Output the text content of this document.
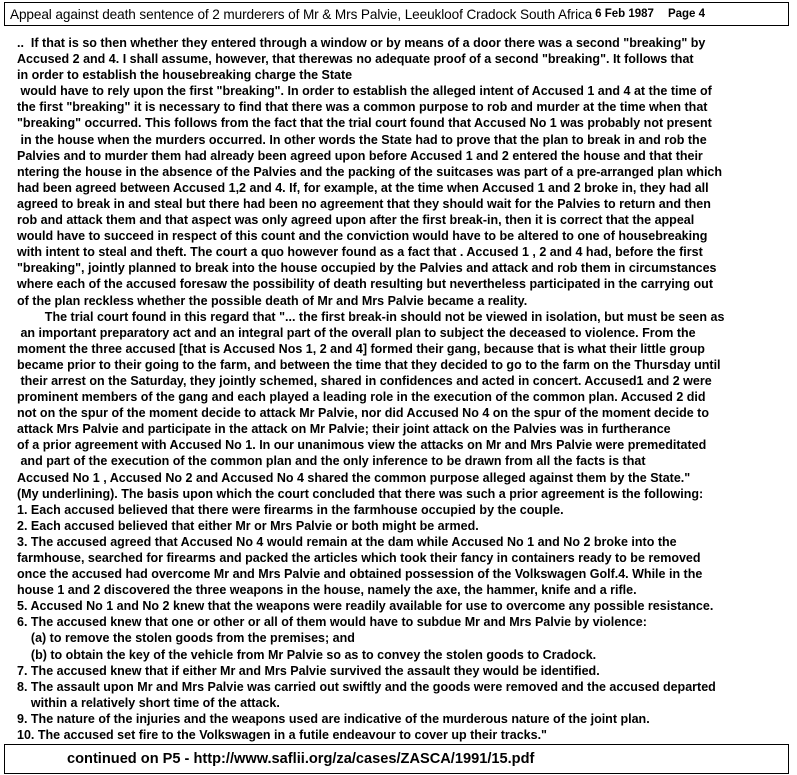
Appeal against death sentence of 2 murderers of Mr & Mrs Palvie, Leeukloof Cradock South Africa 6 Feb 1987 Page 4
..  If that is so then whether they entered through a window or by means of a door there was a second "breaking" by
Accused 2 and 4. I shall assume, however, that therewas no adequate proof of a second "breaking". It follows that
in order to establish the housebreaking charge the State
would have to rely upon the first "breaking". In order to establish the alleged intent of Accused 1 and 4 at the time of
the first "breaking" it is necessary to find that there was a common purpose to rob and murder at the time when that
"breaking" occurred. This follows from the fact that the trial court found that Accused No 1 was probably not present
in the house when the murders occurred. In other words the State had to prove that the plan to break in and rob the
Palvies and to murder them had already been agreed upon before Accused 1 and 2 entered the house and that their
ntering the house in the absence of the Palvies and the packing of the suitcases was part of a pre-arranged plan which
had been agreed between Accused 1,2 and 4. If, for example, at the time when Accused 1 and 2 broke in, they had all
agreed to break in and steal but there had been no agreement that they should wait for the Palvies to return and then
rob and attack them and that aspect was only agreed upon after the first break-in, then it is correct that the appeal
would have to succeed in respect of this count and the conviction would have to be altered to one of housebreaking
with intent to steal and theft. The court a quo however found as a fact that . Accused 1 , 2 and 4 had, before the first
"breaking", jointly planned to break into the house occupied by the Palvies and attack and rob them in circumstances
where each of the accused foresaw the possibility of death resulting but nevertheless participated in the carrying out
of the plan reckless whether the possible death of Mr and Mrs Palvie became a reality.
The trial court found in this regard that "... the first break-in should not be viewed in isolation, but must be seen as
an important preparatory act and an integral part of the overall plan to subject the deceased to violence. From the
moment the three accused [that is Accused Nos 1, 2 and 4] formed their gang, because that is what their little group
became prior to their going to the farm, and between the time that they decided to go to the farm on the Thursday until
their arrest on the Saturday, they jointly schemed, shared in confidences and acted in concert. Accused1 and 2 were
prominent members of the gang and each played a leading role in the execution of the common plan. Accused 2 did
not on the spur of the moment decide to attack Mr Palvie, nor did Accused No 4 on the spur of the moment decide to
attack Mrs Palvie and participate in the attack on Mr Palvie; their joint attack on the Palvies was in furtherance
of a prior agreement with Accused No 1. In our unanimous view the attacks on Mr and Mrs Palvie were premeditated
and part of the execution of the common plan and the only inference to be drawn from all the facts is that
Accused No 1 , Accused No 2 and Accused No 4 shared the common purpose alleged against them by the State."
(My underlining). The basis upon which the court concluded that there was such a prior agreement is the following:
1. Each accused believed that there were firearms in the farmhouse occupied by the couple.
2. Each accused believed that either Mr or Mrs Palvie or both might be armed.
3. The accused agreed that Accused No 4 would remain at the dam while Accused No 1 and No 2 broke into the
farmhouse, searched for firearms and packed the articles which took their fancy in containers ready to be removed
once the accused had overcome Mr and Mrs Palvie and obtained possession of the Volkswagen Golf.4. While in the
house 1 and 2 discovered the three weapons in the house, namely the axe, the hammer, knife and a rifle.
5. Accused No 1 and No 2 knew that the weapons were readily available for use to overcome any possible resistance.
6. The accused knew that one or other or all of them would have to subdue Mr and Mrs Palvie by violence:
(a) to remove the stolen goods from the premises; and
(b) to obtain the key of the vehicle from Mr Palvie so as to convey the stolen goods to Cradock.
7. The accused knew that if either Mr and Mrs Palvie survived the assault they would be identified.
8. The assault upon Mr and Mrs Palvie was carried out swiftly and the goods were removed and the accused departed
within a relatively short time of the attack.
9. The nature of the injuries and the weapons used are indicative of the murderous nature of the joint plan.
10. The accused set fire to the Volkswagen in a futile endeavour to cover up their tracks."
continued on P5 - http://www.saflii.org/za/cases/ZASCA/1991/15.pdf
